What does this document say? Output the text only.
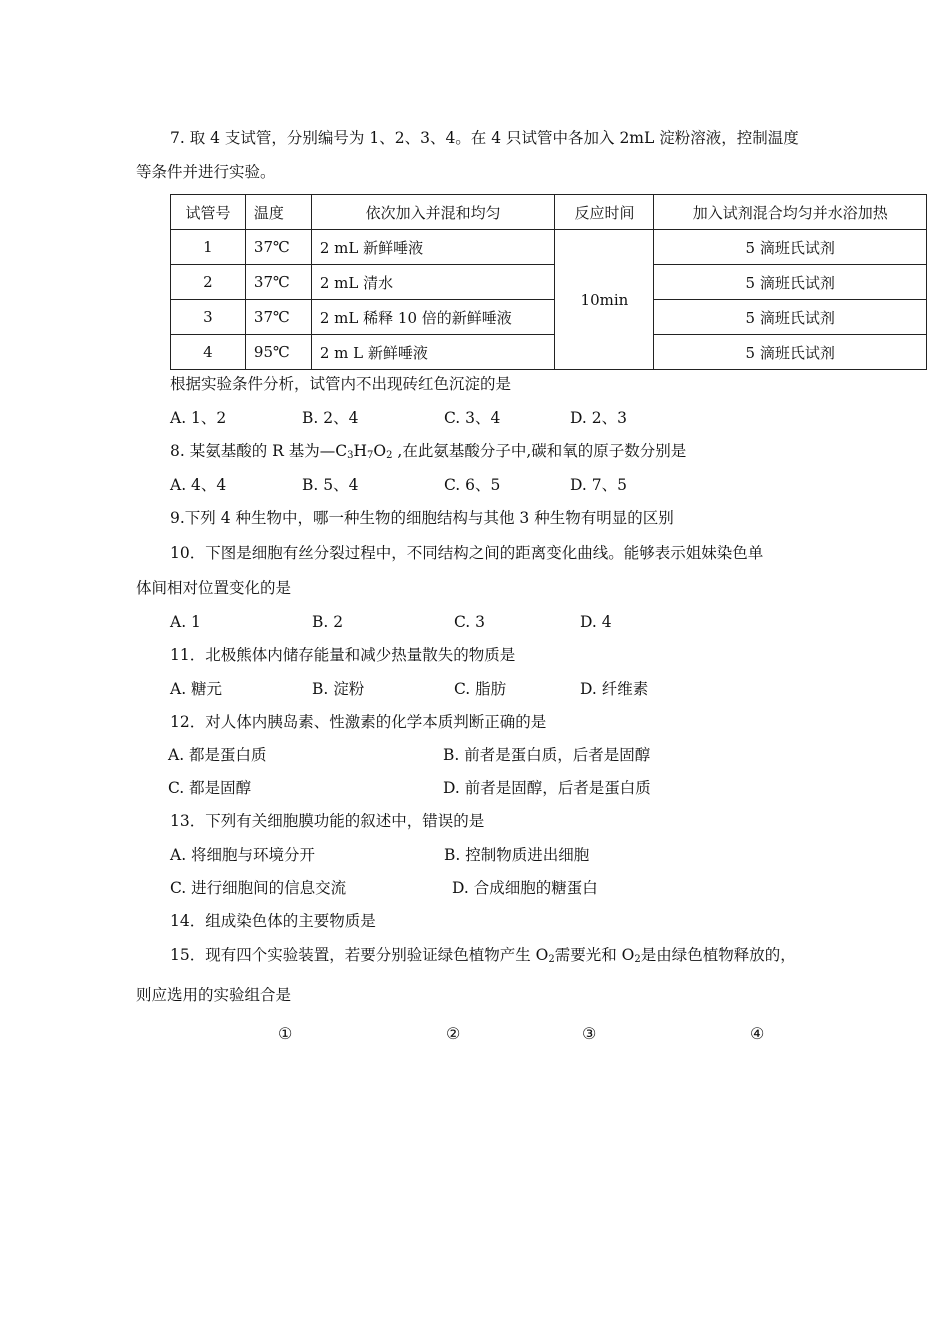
7. 取 4 支试管，分别编号为 1、2、3、4。在 4 只试管中各加入 2mL 淀粉溶液，控制温度
等条件并进行实验。
试管号	温度	依次加入并混和均匀	反应时间	加入试剂混合均匀并水浴加热
1	37℃	2 mL 新鲜唾液	10min	5 滴班氏试剂
2	37℃	2 mL 清水		5 滴班氏试剂
3	37℃	2 mL 稀释 10 倍的新鲜唾液		5 滴班氏试剂
4	95℃	2 m L 新鲜唾液		5 滴班氏试剂
根据实验条件分析，试管内不出现砖红色沉淀的是
A. 1、2	B. 2、4	C. 3、4	D. 2、3
8. 某氨基酸的 R 基为$—C_3H_7O_2$ ,在此氨基酸分子中,碳和氧的原子数分别是
A. 4、4	B. 5、4	C. 6、5	D. 7、5
9.下列 4 种生物中，哪一种生物的细胞结构与其他 3 种生物有明显的区别
10．下图是细胞有丝分裂过程中，不同结构之间的距离变化曲线。能够表示姐妹染色单
体间相对位置变化的是
A. 1	B. 2	C. 3	D. 4
11．北极熊体内储存能量和减少热量散失的物质是
A. 糖元	B. 淀粉	C. 脂肪	D. 纤维素
12．对人体内胰岛素、性激素的化学本质判断正确的是
A. 都是蛋白质	B. 前者是蛋白质，后者是固醇
C. 都是固醇	D. 前者是固醇，后者是蛋白质
13．下列有关细胞膜功能的叙述中，错误的是
A. 将细胞与环境分开	B. 控制物质进出细胞
C. 进行细胞间的信息交流	D. 合成细胞的糖蛋白
14．组成染色体的主要物质是
15．现有四个实验装置，若要分别验证绿色植物产生 $O_2$需要光和 $O_2$是由绿色植物释放的，
则应选用的实验组合是
①	②	③	④
